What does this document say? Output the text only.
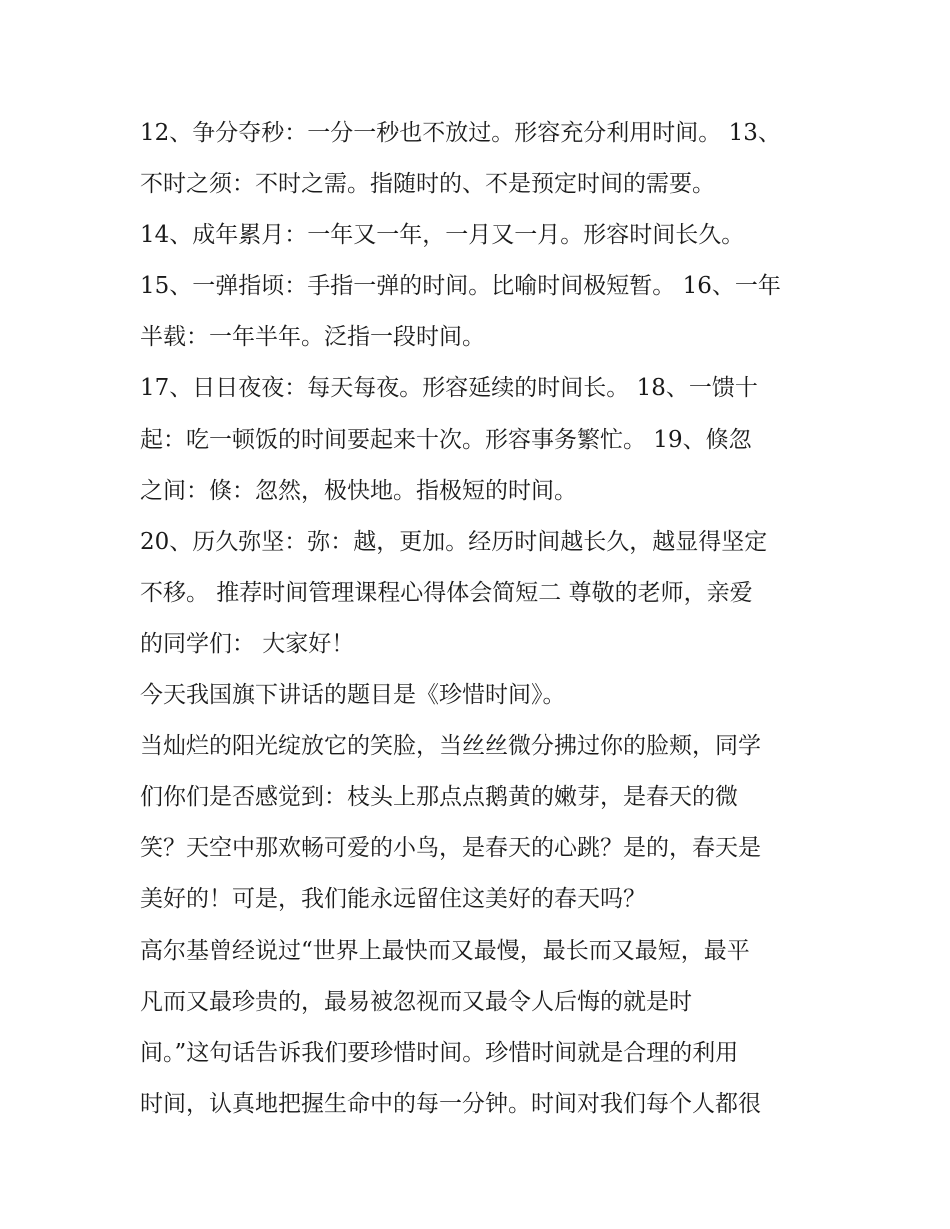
12、争分夺秒：一分一秒也不放过。形容充分利用时间。 13、
不时之须：不时之需。指随时的、不是预定时间的需要。
14、成年累月：一年又一年，一月又一月。形容时间长久。
15、一弹指顷：手指一弹的时间。比喻时间极短暂。 16、一年
半载：一年半年。泛指一段时间。
17、日日夜夜：每天每夜。形容延续的时间长。 18、一馈十
起：吃一顿饭的时间要起来十次。形容事务繁忙。 19、倏忽
之间：倏：忽然，极快地。指极短的时间。
20、历久弥坚：弥：越，更加。经历时间越长久，越显得坚定
不移。 推荐时间管理课程心得体会简短二 尊敬的老师，亲爱
的同学们： 大家好！
今天我国旗下讲话的题目是《珍惜时间》。
当灿烂的阳光绽放它的笑脸，当丝丝微分拂过你的脸颊，同学
们你们是否感觉到：枝头上那点点鹅黄的嫩芽，是春天的微
笑？天空中那欢畅可爱的小鸟，是春天的心跳？是的，春天是
美好的！可是，我们能永远留住这美好的春天吗？
高尔基曾经说过“世界上最快而又最慢，最长而又最短，最平
凡而又最珍贵的，最易被忽视而又最令人后悔的就是时
间。”这句话告诉我们要珍惜时间。珍惜时间就是合理的利用
时间，认真地把握生命中的每一分钟。时间对我们每个人都很
